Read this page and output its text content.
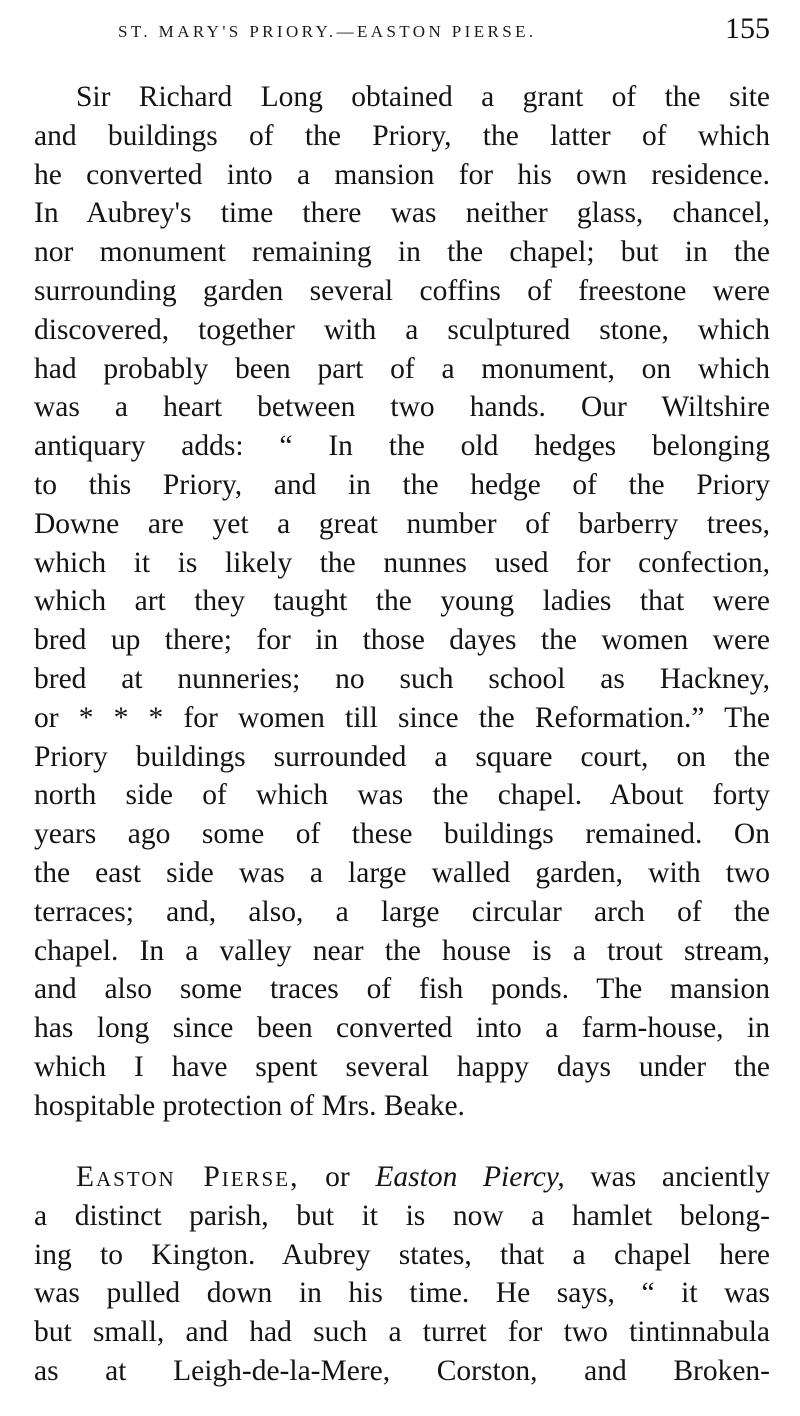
ST. MARY'S PRIORY.—EASTON PIERSE.	155
Sir Richard Long obtained a grant of the site
and buildings of the Priory, the latter of which
he converted into a mansion for his own residence.
In Aubrey's time there was neither glass, chancel,
nor monument remaining in the chapel; but in the
surrounding garden several coffins of freestone were
discovered, together with a sculptured stone, which
had probably been part of a monument, on which
was a heart between two hands. Our Wiltshire
antiquary adds: “ In the old hedges belonging
to this Priory, and in the hedge of the Priory
Downe are yet a great number of barberry trees,
which it is likely the nunnes used for confection,
which art they taught the young ladies that were
bred up there; for in those dayes the women were
bred at nunneries; no such school as Hackney,
or * * * for women till since the Reformation.” The
Priory buildings surrounded a square court, on the
north side of which was the chapel. About forty
years ago some of these buildings remained. On
the east side was a large walled garden, with two
terraces; and, also, a large circular arch of the
chapel. In a valley near the house is a trout stream,
and also some traces of fish ponds. The mansion
has long since been converted into a farm-house, in
which I have spent several happy days under the
hospitable protection of Mrs. Beake.
Easton Pierse, or Easton Piercy, was anciently
a distinct parish, but it is now a hamlet belong-
ing to Kington. Aubrey states, that a chapel here
was pulled down in his time. He says, “ it was
but small, and had such a turret for two tintinnabula
as at Leigh-de-la-Mere, Corston, and Broken-
